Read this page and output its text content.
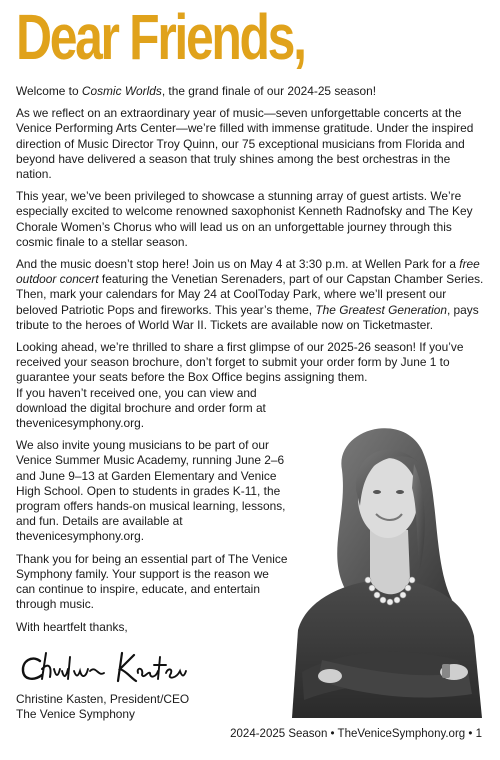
Dear Friends,

Welcome to Cosmic Worlds, the grand finale of our 2024-25 season!

As we reflect on an extraordinary year of music—seven unforgettable concerts at the Venice Performing Arts Center—we’re filled with immense gratitude. Under the inspired direction of Music Director Troy Quinn, our 75 exceptional musicians from Florida and beyond have delivered a season that truly shines among the best orchestras in the nation.

This year, we’ve been privileged to showcase a stunning array of guest artists. We’re especially excited to welcome renowned saxophonist Kenneth Radnofsky and The Key Chorale Women’s Chorus who will lead us on an unforgettable journey through this cosmic finale to a stellar season.

And the music doesn’t stop here! Join us on May 4 at 3:30 p.m. at Wellen Park for a free outdoor concert featuring the Venetian Serenaders, part of our Capstan Chamber Series. Then, mark your calendars for May 24 at CoolToday Park, where we’ll present our beloved Patriotic Pops and fireworks. This year’s theme, The Greatest Generation, pays tribute to the heroes of World War II. Tickets are available now on Ticketmaster.

Looking ahead, we’re thrilled to share a first glimpse of our 2025-26 season! If you’ve received your season brochure, don’t forget to submit your order form by June 1 to guarantee your seats before the Box Office begins assigning them.

If you haven’t received one, you can view and download the digital brochure and order form at thevenicesymphony.org.

We also invite young musicians to be part of our Venice Summer Music Academy, running June 2–6 and June 9–13 at Garden Elementary and Venice High School. Open to students in grades K-11, the program offers hands-on musical learning, lessons, and fun. Details are available at thevenicesymphony.org.

Thank you for being an essential part of The Venice Symphony family. Your support is the reason we can continue to inspire, educate, and entertain through music.

With heartfelt thanks,

Christine Kasten, President/CEO
The Venice Symphony
2024-2025 Season • TheVeniceSymphony.org • 1
